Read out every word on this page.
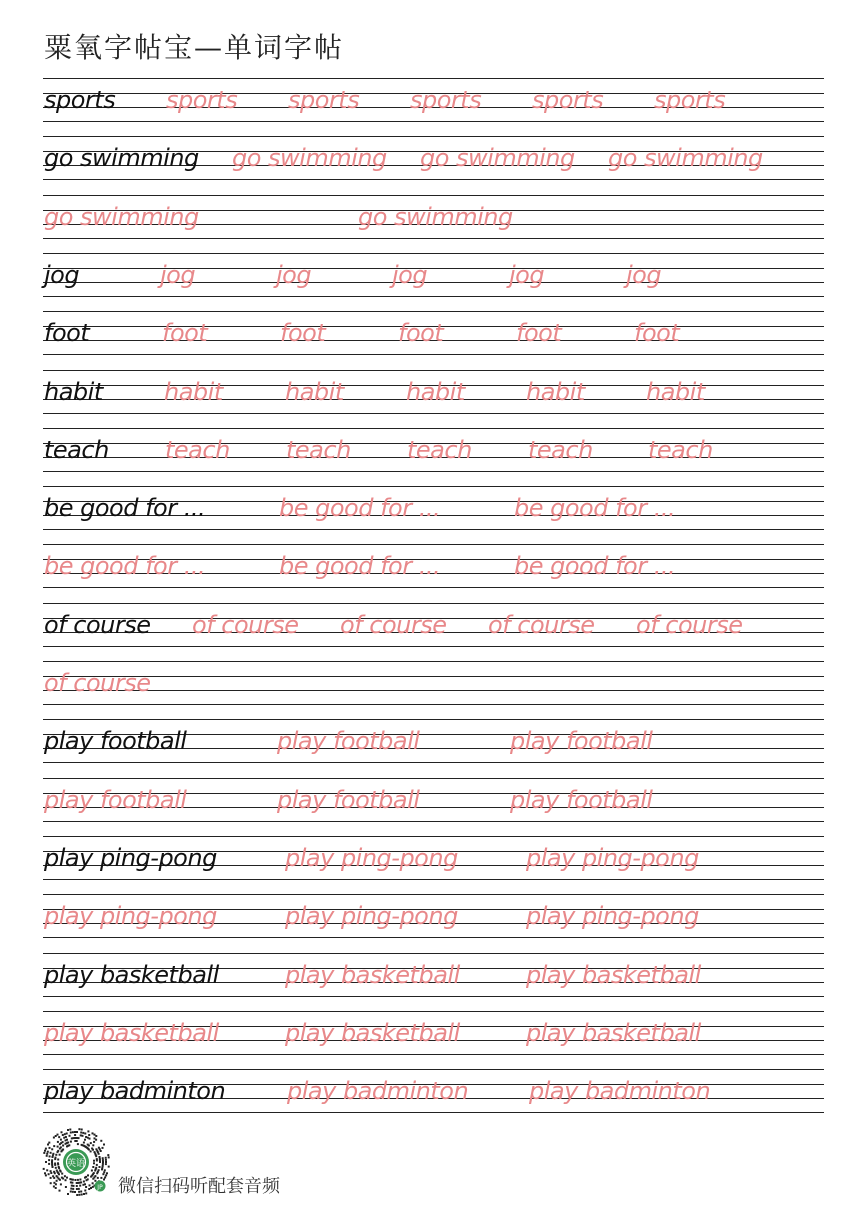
粟氧字帖宝—单词字帖
sports sports sports sports sports sports
go swimming go swimming go swimming go swimming
go swimming	go swimming
jog	jog	jog	jog	jog	jog
foot	foot	foot	foot	foot	foot
habit	habit	habit	habit	habit	habit
teach teach teach teach teach teach
be good for ...	be good for ...	be good for ...
be good for ...	be good for ...	be good for ...
of course of course of course of course of course
of course
play football	play football	play football
play football	play football	play football
play ping-pong	play ping-pong	play ping-pong
play ping-pong	play ping-pong	play ping-pong
play basketball	play basketball	play basketball
play basketball	play basketball	play basketball
play badminton	play badminton	play badminton
英语
JP 微信扫码听配套音频
